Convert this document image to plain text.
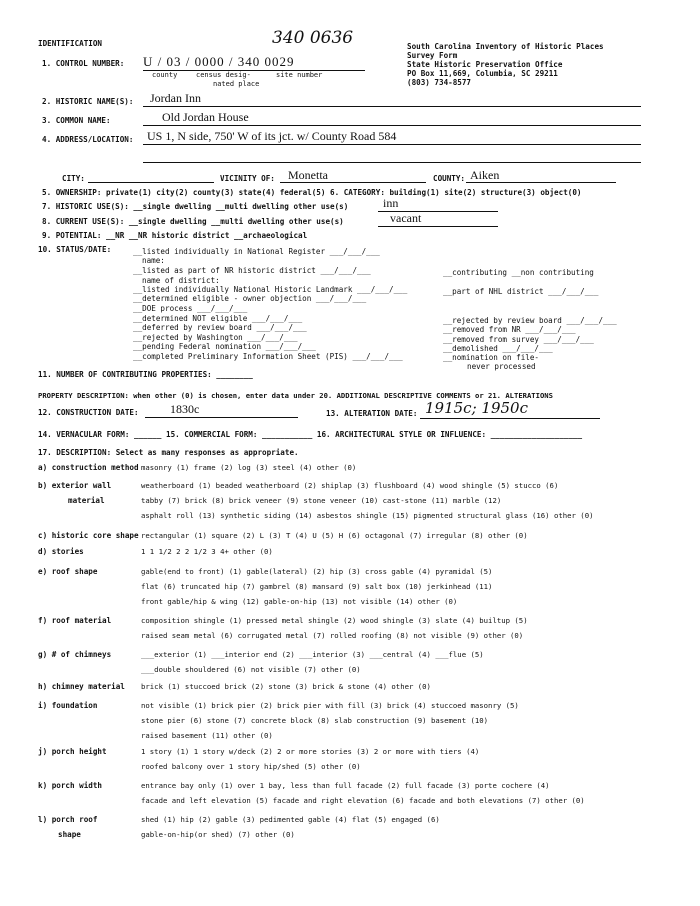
IDENTIFICATION	340 0636	South Carolina Inventory of Historic Places
Survey Form
State Historic Preservation Office
PO Box 11,669, Columbia, SC 29211
(803) 734-8577
1. CONTROL NUMBER: U / 03 / 0000 / 340 0029
county	census desig-
nated place
site number
2. HISTORIC NAME(S): Jordan Inn
3. COMMON NAME:	Old Jordan House
4. ADDRESS/LOCATION: US 1, N side, 750' W of its jct. w/ County Road 584
CITY:	VICINITY OF: Monetta	COUNTY: Aiken
5. OWNERSHIP: private(1) city(2) county(3) state(4) federal(5) 6. CATEGORY: building(1) site(2) structure(3) object(0)
7. HISTORIC USE(S): __single dwelling __multi dwelling other use(s)	inn
8. CURRENT USE(S): __single dwelling __multi dwelling other use(s)	vacant
9. POTENTIAL: __NR __NR historic district __archaeological
10. STATUS/DATE:	__listed individually in National Register ___/___/___
name:
__listed as part of NR historic district ___/___/___	__contributing __non contributing
name of district:
__listed individually National Historic Landmark ___/___/___	__part of NHL district ___/___/___
__determined eligible - owner objection ___/___/___
__DOE process ___/___/___
__determined NOT eligible ___/___/___	__rejected by review board ___/___/___
__deferred by review board ___/___/___	__removed from NR ___/___/___
__rejected by Washington ___/___/___	__removed from survey ___/___/___
__pending Federal nomination ___/___/___	__demolished ___/___/___
__completed Preliminary Information Sheet (PIS) ___/___/___	__nomination on file-
never processed
11. NUMBER OF CONTRIBUTING PROPERTIES: ________
PROPERTY DESCRIPTION: when other (0) is chosen, enter data under 20. ADDITIONAL DESCRIPTIVE COMMENTS or 21. ALTERATIONS
12. CONSTRUCTION DATE:	1830c	13. ALTERATION DATE: 1915c; 1950c
14. VERNACULAR FORM: ______ 15. COMMERCIAL FORM: ___________ 16. ARCHITECTURAL STYLE OR INFLUENCE: ____________________
17. DESCRIPTION: Select as many responses as appropriate.
a) construction method masonry (1) frame (2) log (3) steel (4) other (0)
b) exterior wall
material
weatherboard (1) beaded weatherboard (2) shiplap (3) flushboard (4) wood shingle (5) stucco (6)
tabby (7) brick (8) brick veneer (9) stone veneer (10) cast-stone (11) marble (12)
asphalt roll (13) synthetic siding (14) asbestos shingle (15) pigmented structural glass (16) other (0)
c) historic core shape rectangular (1) square (2) L (3) T (4) U (5) H (6) octagonal (7) irregular (8) other (0)
d) stories	1 1 1/2 2 2 1/2 3 4+ other (0)
e) roof shape	gable(end to front) (1) gable(lateral) (2) hip (3) cross gable (4) pyramidal (5)
flat (6) truncated hip (7) gambrel (8) mansard (9) salt box (10) jerkinhead (11)
front gable/hip & wing (12) gable-on-hip (13) not visible (14) other (0)
f) roof material	composition shingle (1) pressed metal shingle (2) wood shingle (3) slate (4) builtup (5)
raised seam metal (6) corrugated metal (7) rolled roofing (8) not visible (9) other (0)
g) # of chimneys	___exterior (1) ___interior end (2) ___interior (3) ___central (4) ___flue (5)
___double shouldered (6) not visible (7) other (0)
h) chimney material brick (1) stuccoed brick (2) stone (3) brick & stone (4) other (0)
i) foundation	not visible (1) brick pier (2) brick pier with fill (3) brick (4) stuccoed masonry (5)
stone pier (6) stone (7) concrete block (8) slab construction (9) basement (10)
raised basement (11) other (0)
j) porch height	1 story (1) 1 story w/deck (2) 2 or more stories (3) 2 or more with tiers (4)
roofed balcony over 1 story hip/shed (5) other (0)
k) porch width	entrance bay only (1) over 1 bay, less than full facade (2) full facade (3) porte cochere (4)
facade and left elevation (5) facade and right elevation (6) facade and both elevations (7) other (0)
l) porch roof
shape
shed (1) hip (2) gable (3) pedimented gable (4) flat (5) engaged (6)
gable-on-hip(or shed) (7) other (0)
